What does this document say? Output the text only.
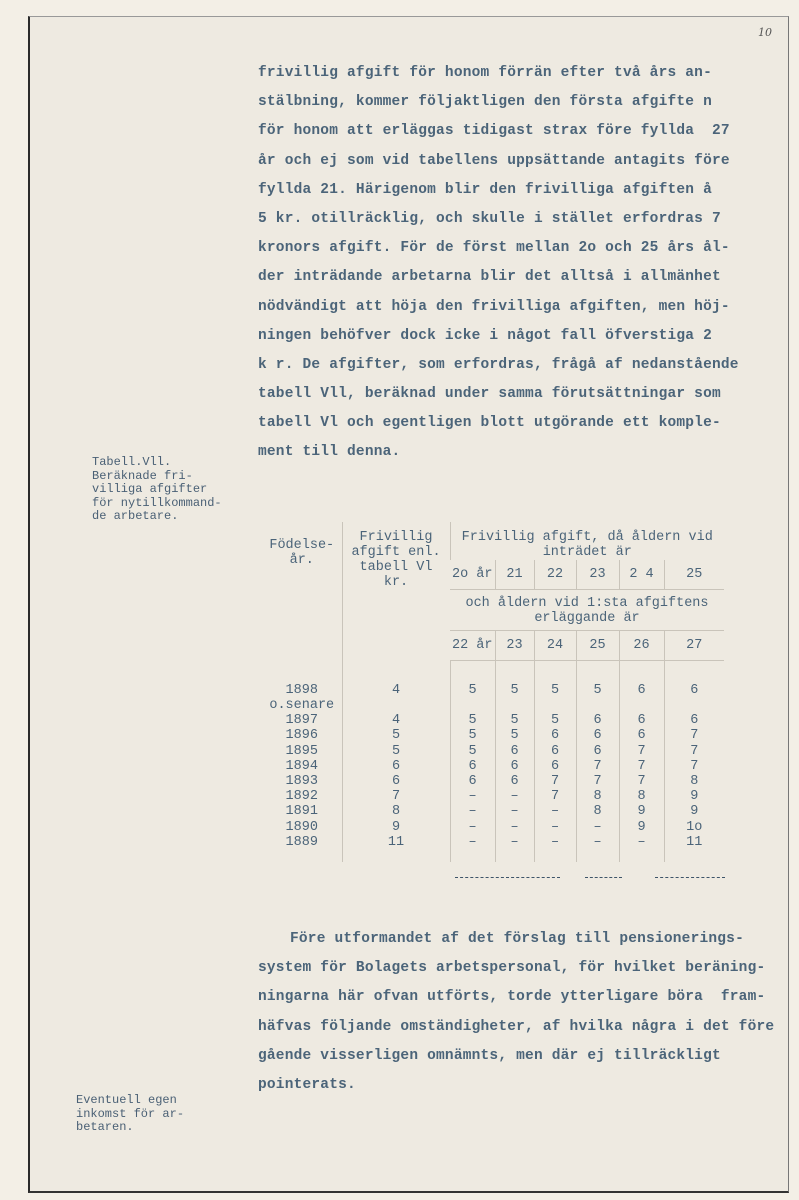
10
frivillig afgift för honom förrän efter två års an-
stälbning, kommer följaktligen den första afgifte n
för honom att erläggas tidigast strax före fyllda  27
år och ej som vid tabellens uppsättande antagits före
fyllda 21. Härigenom blir den frivilliga afgiften å
5 kr. otillräcklig, och skulle i stället erfordras 7
kronors afgift. För de först mellan 2o och 25 års ål-
der inträdande arbetarna blir det alltså i allmänhet
nödvändigt att höja den frivilliga afgiften, men höj-
ningen behöfver dock icke i något fall öfverstiga 2
k r. De afgifter, som erfordras, frågå af nedanstående
tabell Vll, beräknad under samma förutsättningar som
tabell Vl och egentligen blott utgörande ett komple-
ment till denna.
Tabell.Vll.
Beräknade fri-
villiga afgifter
för nytillkommand-
de arbetare.
Födelse-
år.	Frivillig
afgift enl.
tabell Vl
kr.	Frivillig afgift, då åldern vid
inträdet är					
		2o år	21	22	23	2 4	25
		och åldern vid 1:sta afgiftens
erläggande är					
		22 år	23	24	25	26	27
1898
o.senare	4	5	5	5	5	6	6
1897	4	5	5	5	6	6	6
1896	5	5	5	6	6	6	7
1895	5	5	6	6	6	7	7
1894	6	6	6	6	7	7	7
1893	6	6	6	7	7	7	8
1892	7	–	–	7	8	8	9
1891	8	–	–	–	8	9	9
1890	9	–	–	–	–	9	1o
1889	11	–	–	–	–	–	11

Före utformandet af det förslag till pensionerings-
system för Bolagets arbetspersonal, för hvilket beräning-
ningarna här ofvan utförts, torde ytterligare böra  fram-
häfvas följande omständigheter, af hvilka några i det före
gående visserligen omnämnts, men där ej tillräckligt
pointerats.
Eventuell egen
inkomst för ar-
betaren.
